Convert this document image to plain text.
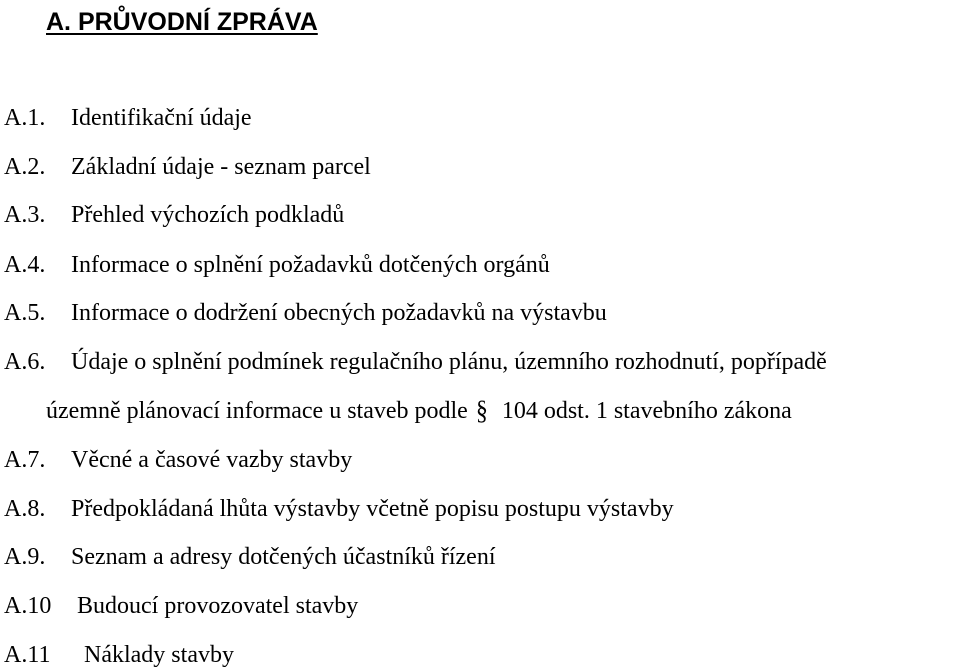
A. PRŮVODNÍ ZPRÁVA
A.1. Identifikační údaje
A.2. Základní údaje - seznam parcel
A.3. Přehled výchozích podkladů
A.4. Informace o splnění požadavků dotčených orgánů
A.5. Informace o dodržení obecných požadavků na výstavbu
A.6. Údaje o splnění podmínek regulačního plánu, územního rozhodnutí, popřípadě
územně plánovací informace u staveb podle § 104 odst. 1 stavebního zákona
A.7. Věcné a časové vazby stavby
A.8. Předpokládaná lhůta výstavby včetně popisu postupu výstavby
A.9. Seznam a adresy dotčených účastníků řízení
A.10 Budoucí provozovatel stavby
A.11 Náklady stavby
